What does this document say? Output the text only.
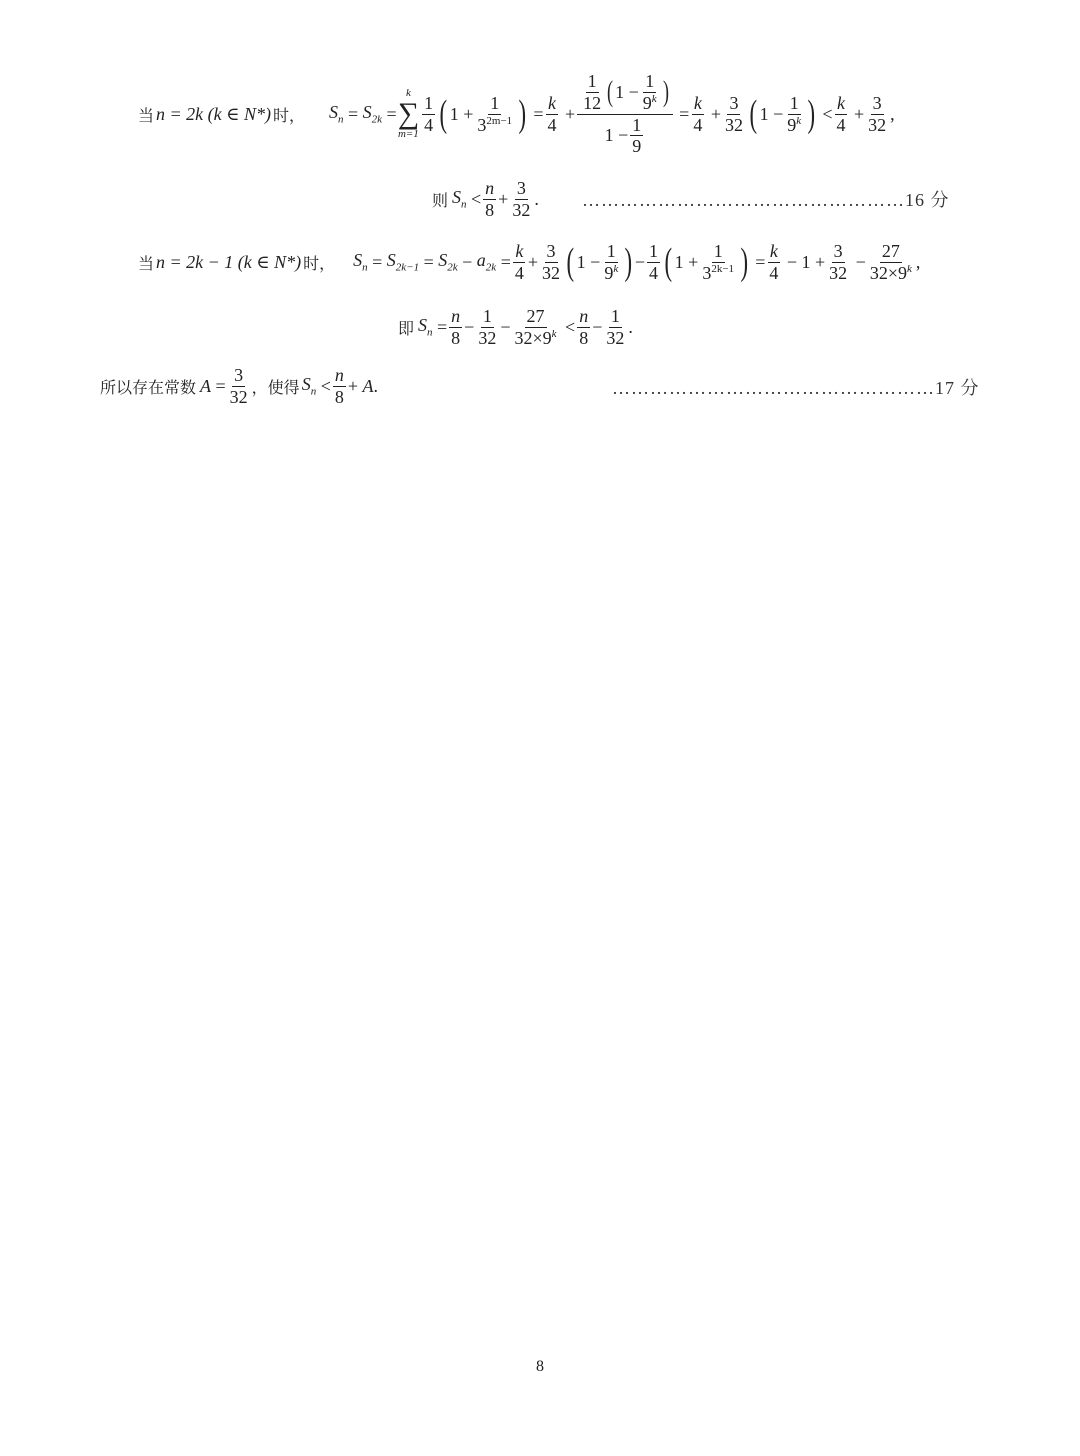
当 n = 2k (k ∈ N*) 时， $S_n = S_{2k}$ =
k
∑
$m=1 \frac{1}{4}$ ( $1 + \frac{1}{3^{2m-1}}$ ) = $\frac{k}{4} + \frac{\frac{1}{12} ( 1 - \frac{1}{9^k} )}{1 - \frac{1}{9}} = \frac{k}{4} + \frac{3}{32}$ ( $1 - \frac{1}{9^k}$ ) < $\frac{k}{4} + \frac{3}{32}$ ,
则 $S_n < \frac{n}{8} + \frac{3}{32}$ . ……………………………………………16 分
当 n = 2k − 1 (k ∈ N*) 时， $S_n = S_{2k-1} = S_{2k} - a_{2k} = \frac{k}{4} + \frac{3}{32}$ ( $1 - \frac{1}{9^k}$ ) − $\frac{1}{4}$ ( $1 + \frac{1}{3^{2k-1}}$ ) = $\frac{k}{4} - 1 + \frac{3}{32} - \frac{27}{32\times 9^k}$ ,
即 $S_n = \frac{n}{8} - \frac{1}{32} - \frac{27}{32\times 9^k} < \frac{n}{8} - \frac{1}{32}$ .
所以存在常数 $A = \frac{3}{32}$ ，使得 $S_n < \frac{n}{8} + A$ .	……………………………………………17 分
8
